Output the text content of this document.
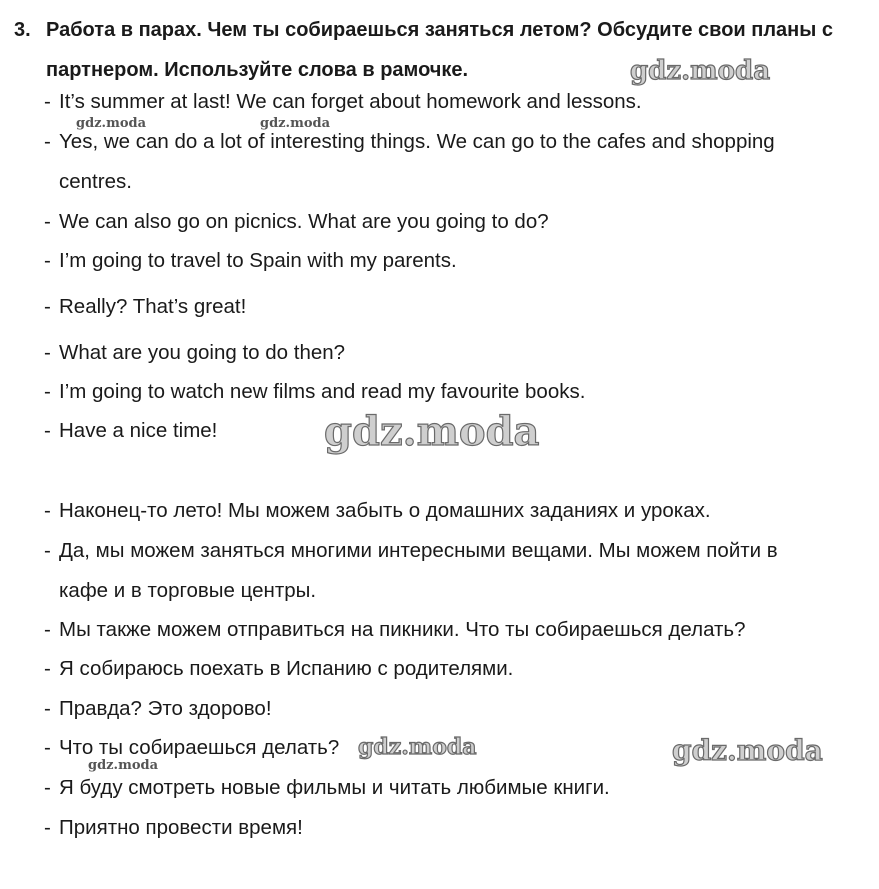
3. Работа в парах. Чем ты собираешься заняться летом? Обсудите свои планы с партнером. Используйте слова в рамочке.
-It’s summer at last! We can forget about homework and lessons.
-Yes, we can do a lot of interesting things. We can go to the cafes and shopping
centres.
-We can also go on picnics. What are you going to do?
-I’m going to travel to Spain with my parents.
-Really? That’s great!
-What are you going to do then?
-I’m going to watch new films and read my favourite books.
-Have a nice time!
-Наконец-то лето! Мы можем забыть о домашних заданиях и уроках.
-Да, мы можем заняться многими интересными вещами. Мы можем пойти в
кафе и в торговые центры.
-Мы также можем отправиться на пикники. Что ты собираешься делать?
-Я собираюсь поехать в Испанию с родителями.
-Правда? Это здорово!
-Что ты собираешься делать?
-Я буду смотреть новые фильмы и читать любимые книги.
-Приятно провести время!
gdz.moda
gdz.moda	gdz.moda
gdz.moda
gdz.moda	gdz.moda
gdz.moda
